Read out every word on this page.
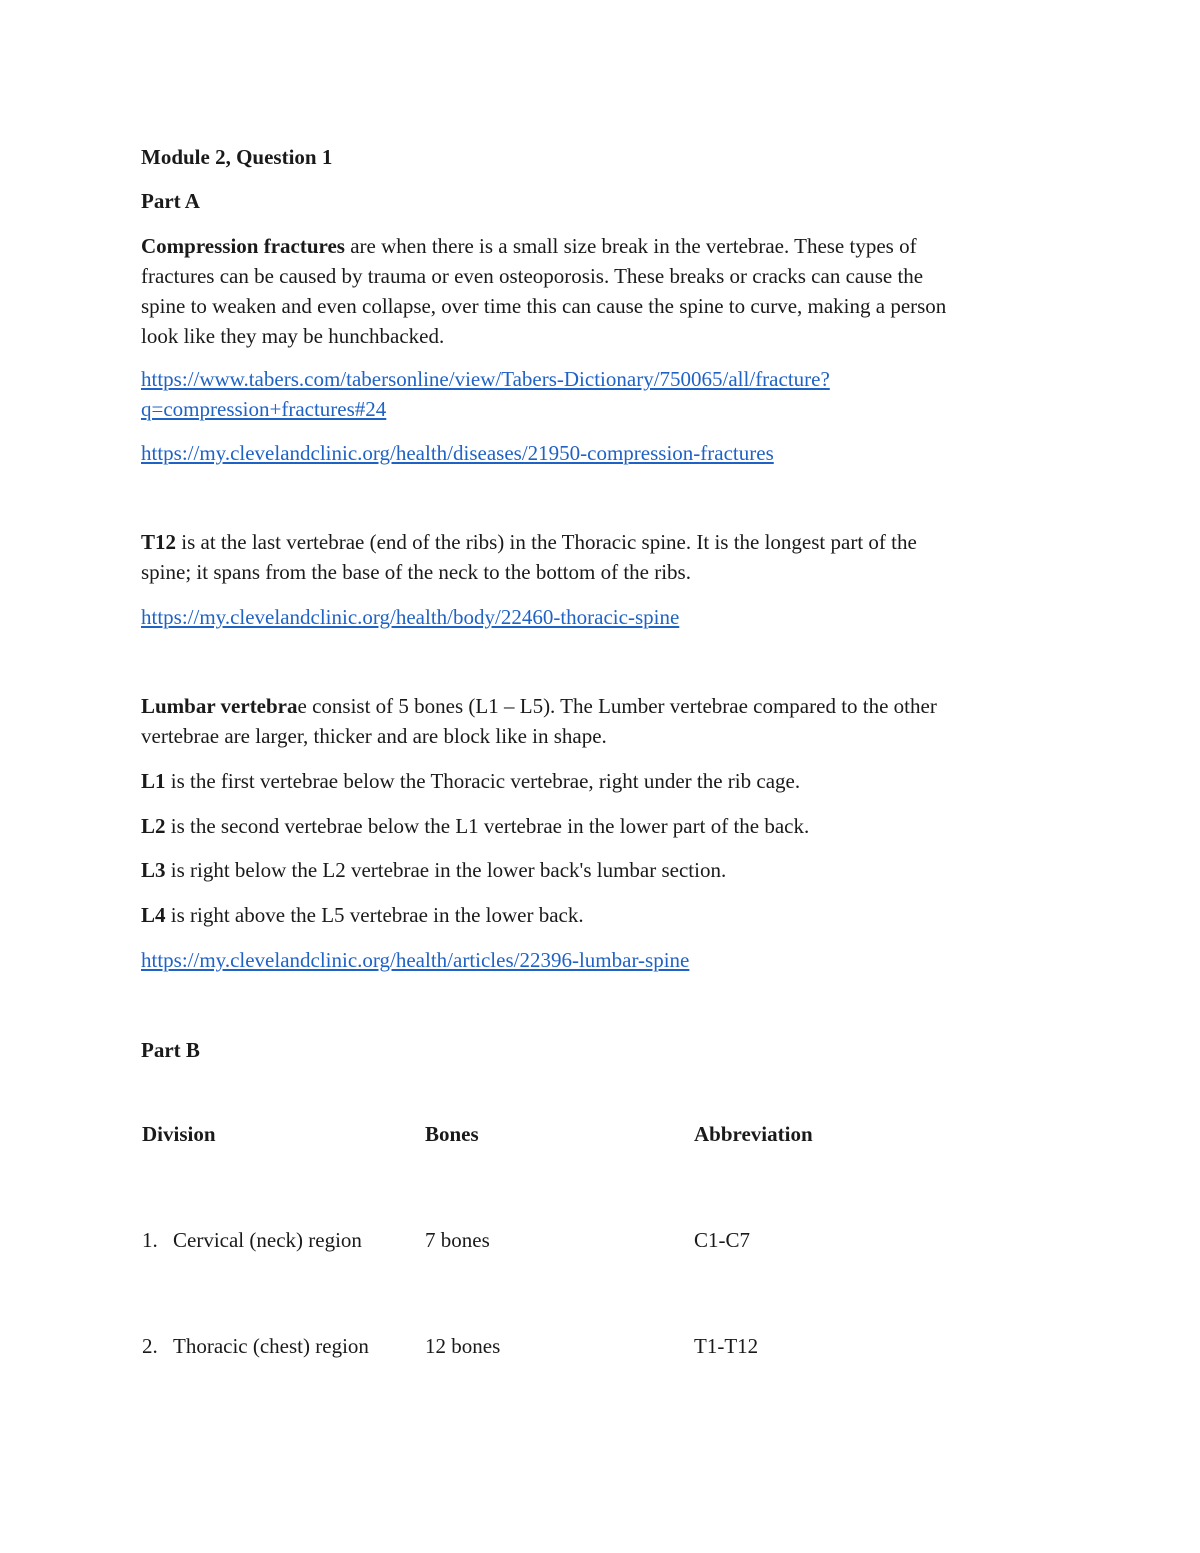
Module 2, Question 1
Part A
Compression fractures are when there is a small size break in the vertebrae. These types of
fractures can be caused by trauma or even osteoporosis. These breaks or cracks can cause the
spine to weaken and even collapse, over time this can cause the spine to curve, making a person
look like they may be hunchbacked.
https://www.tabers.com/tabersonline/view/Tabers-Dictionary/750065/all/fracture?
q=compression+fractures#24
https://my.clevelandclinic.org/health/diseases/21950-compression-fractures
T12 is at the last vertebrae (end of the ribs) in the Thoracic spine. It is the longest part of the
spine; it spans from the base of the neck to the bottom of the ribs.
https://my.clevelandclinic.org/health/body/22460-thoracic-spine
Lumbar vertebrae consist of 5 bones (L1 – L5). The Lumber vertebrae compared to the other
vertebrae are larger, thicker and are block like in shape.
L1 is the first vertebrae below the Thoracic vertebrae, right under the rib cage.
L2 is the second vertebrae below the L1 vertebrae in the lower part of the back.
L3 is right below the L2 vertebrae in the lower back's lumbar section.
L4 is right above the L5 vertebrae in the lower back.
https://my.clevelandclinic.org/health/articles/22396-lumbar-spine
Part B
Division	Bones	Abbreviation
1. Cervical (neck) region	7 bones	C1-C7
2. Thoracic (chest) region	12 bones	T1-T12
